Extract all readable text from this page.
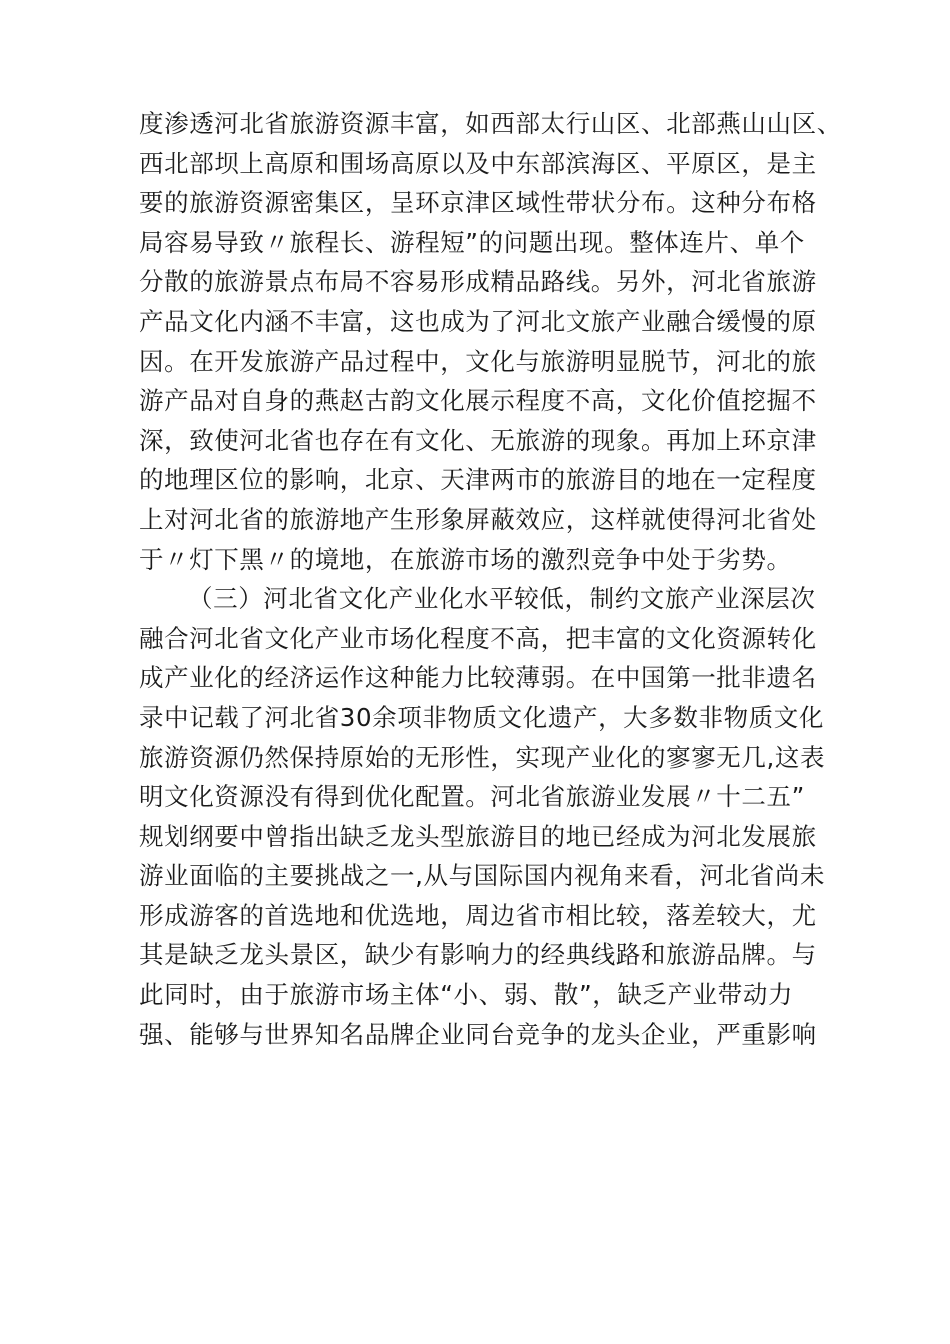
度渗透河北省旅游资源丰富，如西部太行山区、北部燕山山区、
西北部坝上高原和围场高原以及中东部滨海区、平原区，是主
要的旅游资源密集区，呈环京津区域性带状分布。这种分布格
局容易导致〃旅程长、游程短”的问题出现。整体连片、单个
分散的旅游景点布局不容易形成精品路线。另外，河北省旅游
产品文化内涵不丰富，这也成为了河北文旅产业融合缓慢的原
因。在开发旅游产品过程中，文化与旅游明显脱节，河北的旅
游产品对自身的燕赵古韵文化展示程度不高，文化价值挖掘不
深，致使河北省也存在有文化、无旅游的现象。再加上环京津
的地理区位的影响，北京、天津两市的旅游目的地在一定程度
上对河北省的旅游地产生形象屏蔽效应，这样就使得河北省处
于〃灯下黑〃的境地，在旅游市场的激烈竞争中处于劣势。
（三）河北省文化产业化水平较低，制约文旅产业深层次
融合河北省文化产业市场化程度不高，把丰富的文化资源转化
成产业化的经济运作这种能力比较薄弱。在中国第一批非遗名
录中记载了河北省30余项非物质文化遗产，大多数非物质文化
旅游资源仍然保持原始的无形性，实现产业化的寥寥无几,这表
明文化资源没有得到优化配置。河北省旅游业发展〃十二五”
规划纲要中曾指出缺乏龙头型旅游目的地已经成为河北发展旅
游业面临的主要挑战之一,从与国际国内视角来看，河北省尚未
形成游客的首选地和优选地，周边省市相比较，落差较大，尤
其是缺乏龙头景区，缺少有影响力的经典线路和旅游品牌。与
此同时，由于旅游市场主体“小、弱、散”，缺乏产业带动力
强、能够与世界知名品牌企业同台竞争的龙头企业，严重影响
